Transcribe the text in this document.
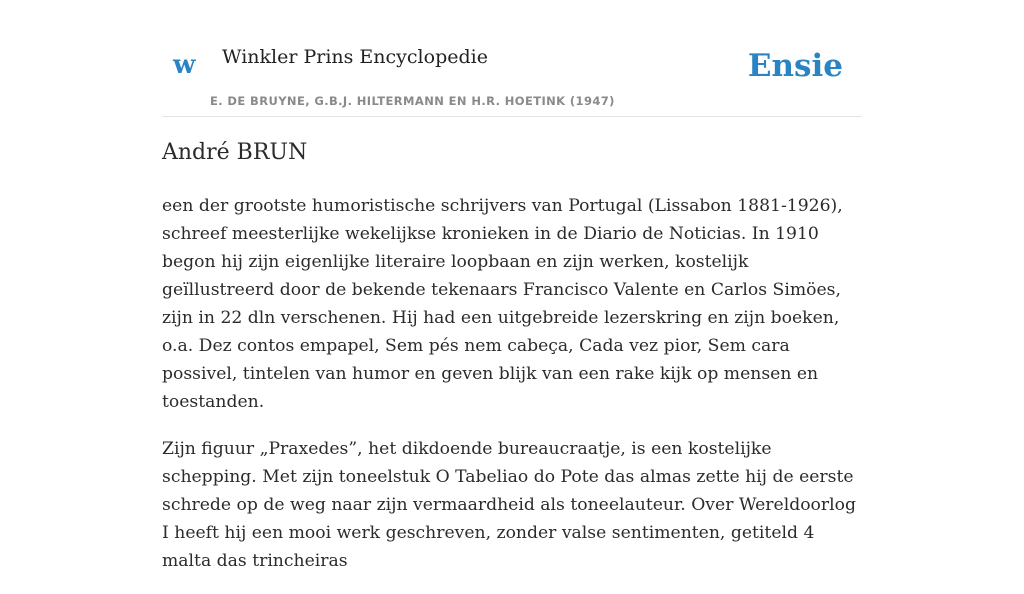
w Winkler Prins Encyclopedie
E. DE BRUYNE, G.B.J. HILTERMANN EN H.R. HOETINK (1947)
Ensie
André BRUN

een der grootste humoristische schrijvers van Portugal (Lissabon 1881-1926), schreef meesterlijke wekelijkse kronieken in de Diario de Noticias. In 1910 begon hij zijn eigenlijke literaire loopbaan en zijn werken, kostelijk geïllustreerd door de bekende tekenaars Francisco Valente en Carlos Simöes, zijn in 22 dln verschenen. Hij had een uitgebreide lezerskring en zijn boeken, o.a. Dez contos empapel, Sem pés nem cabeça, Cada vez pior, Sem cara possivel, tintelen van humor en geven blijk van een rake kijk op mensen en toestanden.

Zijn figuur „Praxedes”, het dikdoende bureaucraatje, is een kostelijke schepping. Met zijn toneelstuk O Tabeliao do Pote das almas zette hij de eerste schrede op de weg naar zijn vermaardheid als toneelauteur. Over Wereldoorlog I heeft hij een mooi werk geschreven, zonder valse sentimenten, getiteld 4 malta das trincheiras
